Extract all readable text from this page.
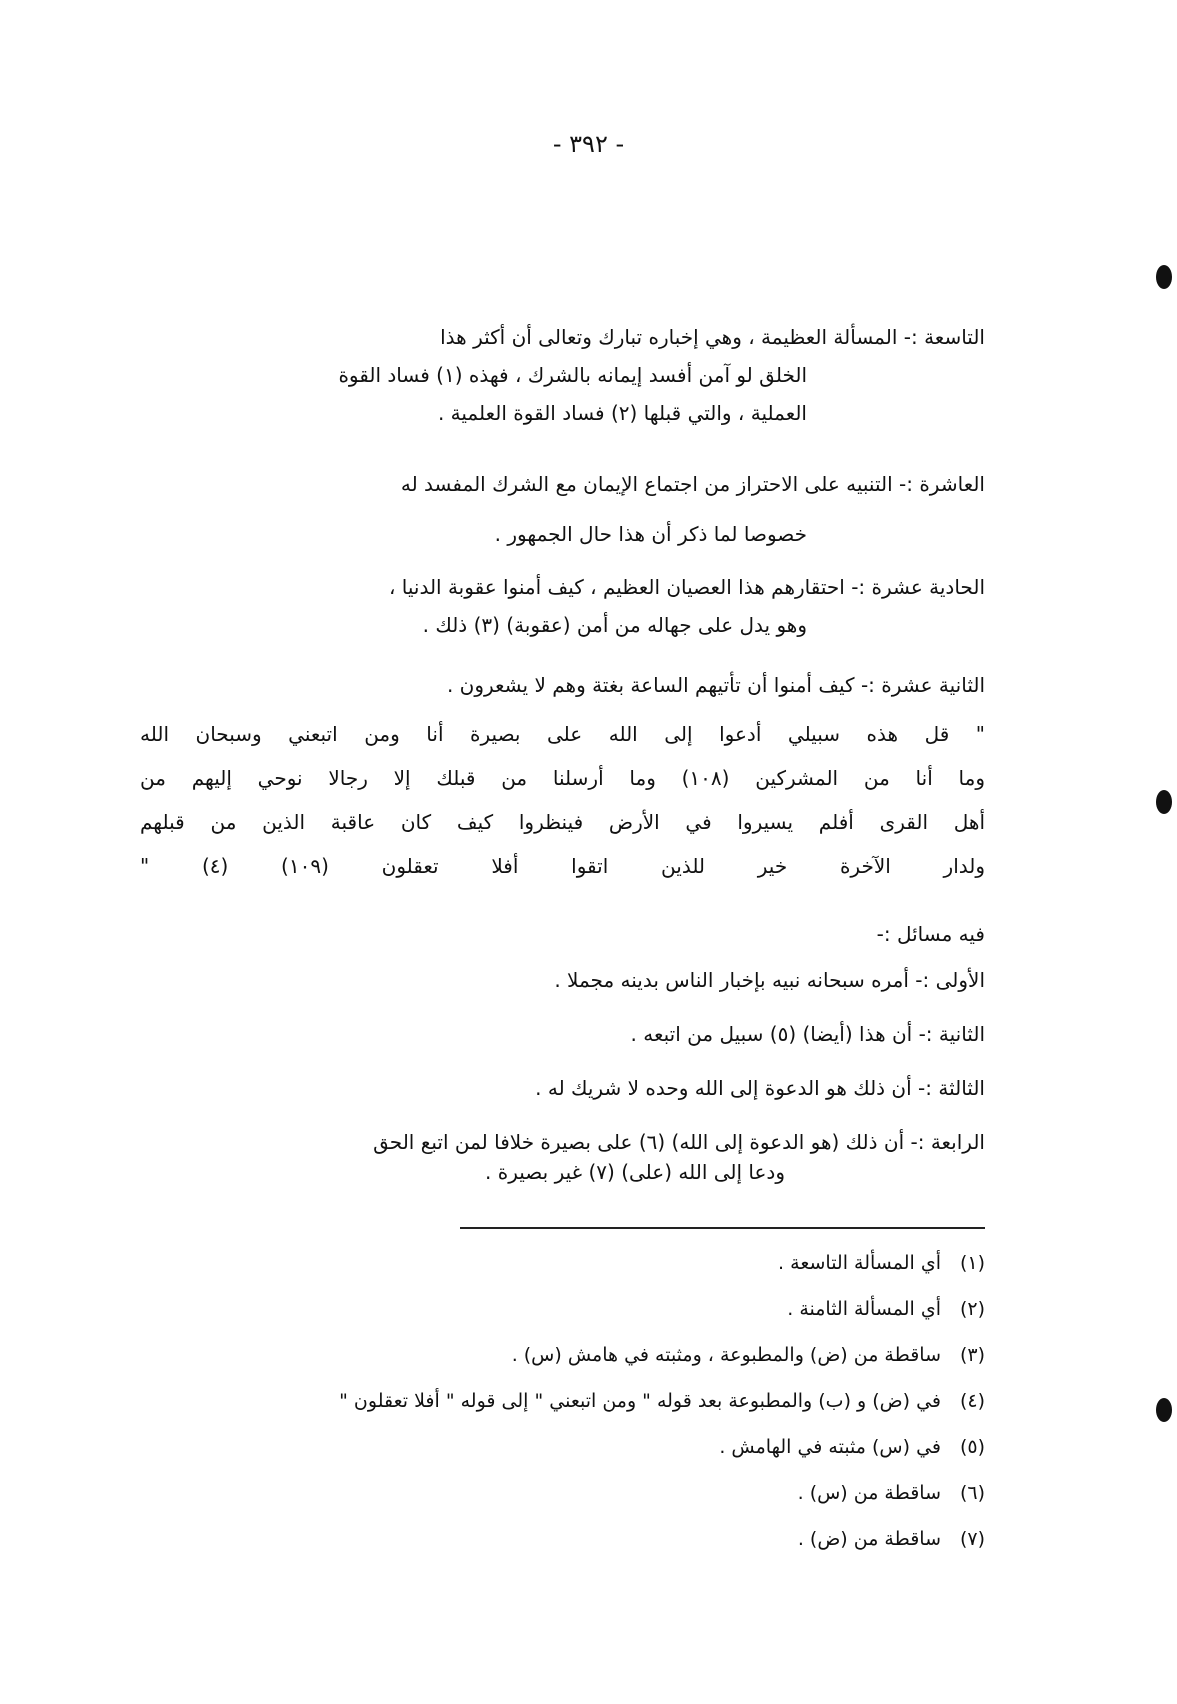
- ٣٩٢ -
التاسعة :- المسألة العظيمة ، وهي إخباره تبارك وتعالى أن أكثر هذا
الخلق لو آمن أفسد إيمانه بالشرك ، فهذه (١) فساد القوة
العملية ، والتي قبلها (٢) فساد القوة العلمية .
العاشرة :- التنبيه على الاحتراز من اجتماع الإيمان مع الشرك المفسد له
خصوصا لما ذكر أن هذا حال الجمهور .
الحادية عشرة :- احتقارهم هذا العصيان العظيم ، كيف أمنوا عقوبة الدنيا ،
وهو يدل على جهاله من أمن (عقوبة) (٣) ذلك .
الثانية عشرة :- كيف أمنوا أن تأتيهم الساعة بغتة وهم لا يشعرون .
" قل هذه سبيلي أدعوا إلى الله على بصيرة أنا ومن اتبعني وسبحان الله
وما أنا من المشركين (١٠٨) وما أرسلنا من قبلك إلا رجالا نوحي إليهم من
أهل القرى أفلم يسيروا في الأرض فينظروا كيف كان عاقبة الذين من قبلهم
ولدار الآخرة خير للذين اتقوا أفلا تعقلون (١٠٩) (٤) "
فيه مسائل :-
الأولى :- أمره سبحانه نبيه بإخبار الناس بدينه مجملا .
الثانية :- أن هذا (أيضا) (٥) سبيل من اتبعه .
الثالثة :- أن ذلك هو الدعوة إلى الله وحده لا شريك له .
الرابعة :- أن ذلك (هو الدعوة إلى الله) (٦) على بصيرة خلافا لمن اتبع الحق
ودعا إلى الله (على) (٧) غير بصيرة .
(١)أي المسألة التاسعة .
(٢)أي المسألة الثامنة .
(٣)ساقطة من (ض) والمطبوعة ، ومثبته في هامش (س) .
(٤)في (ض) و (ب) والمطبوعة بعد قوله " ومن اتبعني " إلى قوله " أفلا تعقلون "
(٥)في (س) مثبته في الهامش .
(٦)ساقطة من (س) .
(٧)ساقطة من (ض) .
